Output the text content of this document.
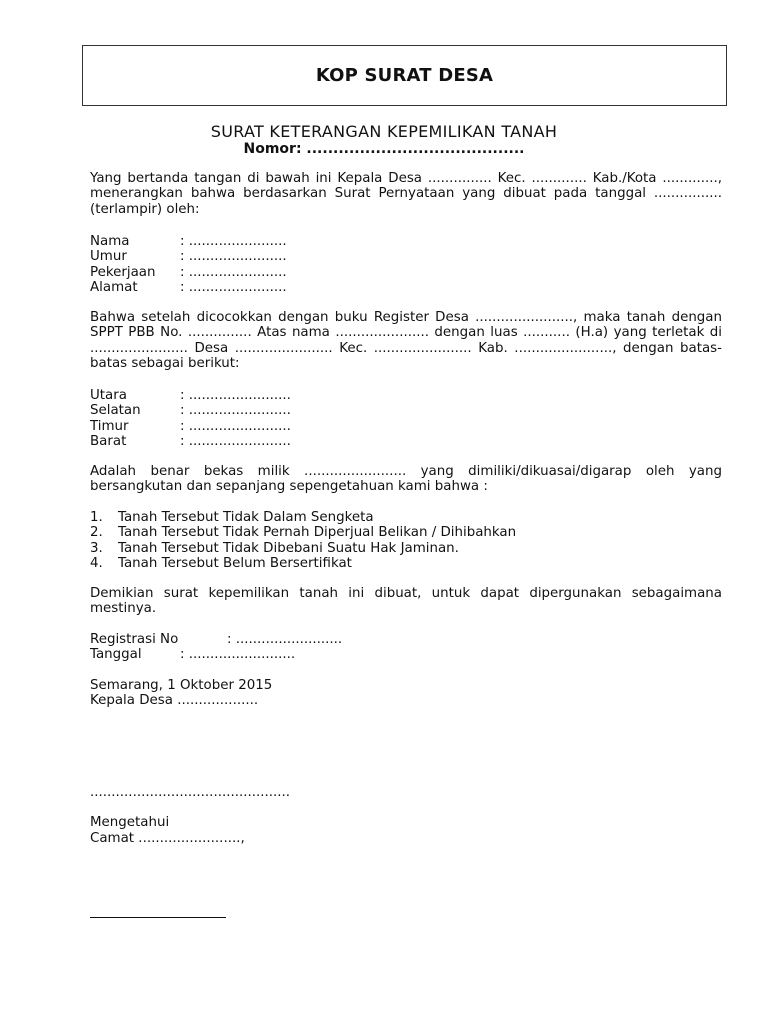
KOP SURAT DESA
SURAT KETERANGAN KEPEMILIKAN TANAH
Nomor: .........................................
Yang bertanda tangan di bawah ini Kepala Desa ............... Kec. ............. Kab./Kota ............., menerangkan bahwa berdasarkan Surat Pernyataan yang dibuat pada tanggal ................ (terlampir) oleh:
Nama	: .......................
Umur	: .......................
Pekerjaan	: .......................
Alamat	: .......................
Bahwa setelah dicocokkan dengan buku Register Desa ......................., maka tanah dengan SPPT PBB No. ............... Atas nama ...................... dengan luas ........... (H.a) yang terletak di ....................... Desa ....................... Kec. ....................... Kab. ......................., dengan batas-batas sebagai berikut:
Utara	: ........................
Selatan	: ........................
Timur	: ........................
Barat	: ........................
Adalah benar bekas milik ........................ yang dimiliki/dikuasai/digarap oleh yang bersangkutan dan sepanjang sepengetahuan kami bahwa :
1.	Tanah Tersebut Tidak Dalam Sengketa
2.	Tanah Tersebut Tidak Pernah Diperjual Belikan / Dihibahkan
3.	Tanah Tersebut Tidak Dibebani Suatu Hak Jaminan.
4.	Tanah Tersebut Belum Bersertifikat
Demikian surat kepemilikan tanah ini dibuat, untuk dapat dipergunakan sebagaimana mestinya.
Registrasi No	: .........................
Tanggal	: .........................
Semarang, 1 Oktober 2015
Kepala Desa ...................
...............................................
Mengetahui
Camat ........................,
